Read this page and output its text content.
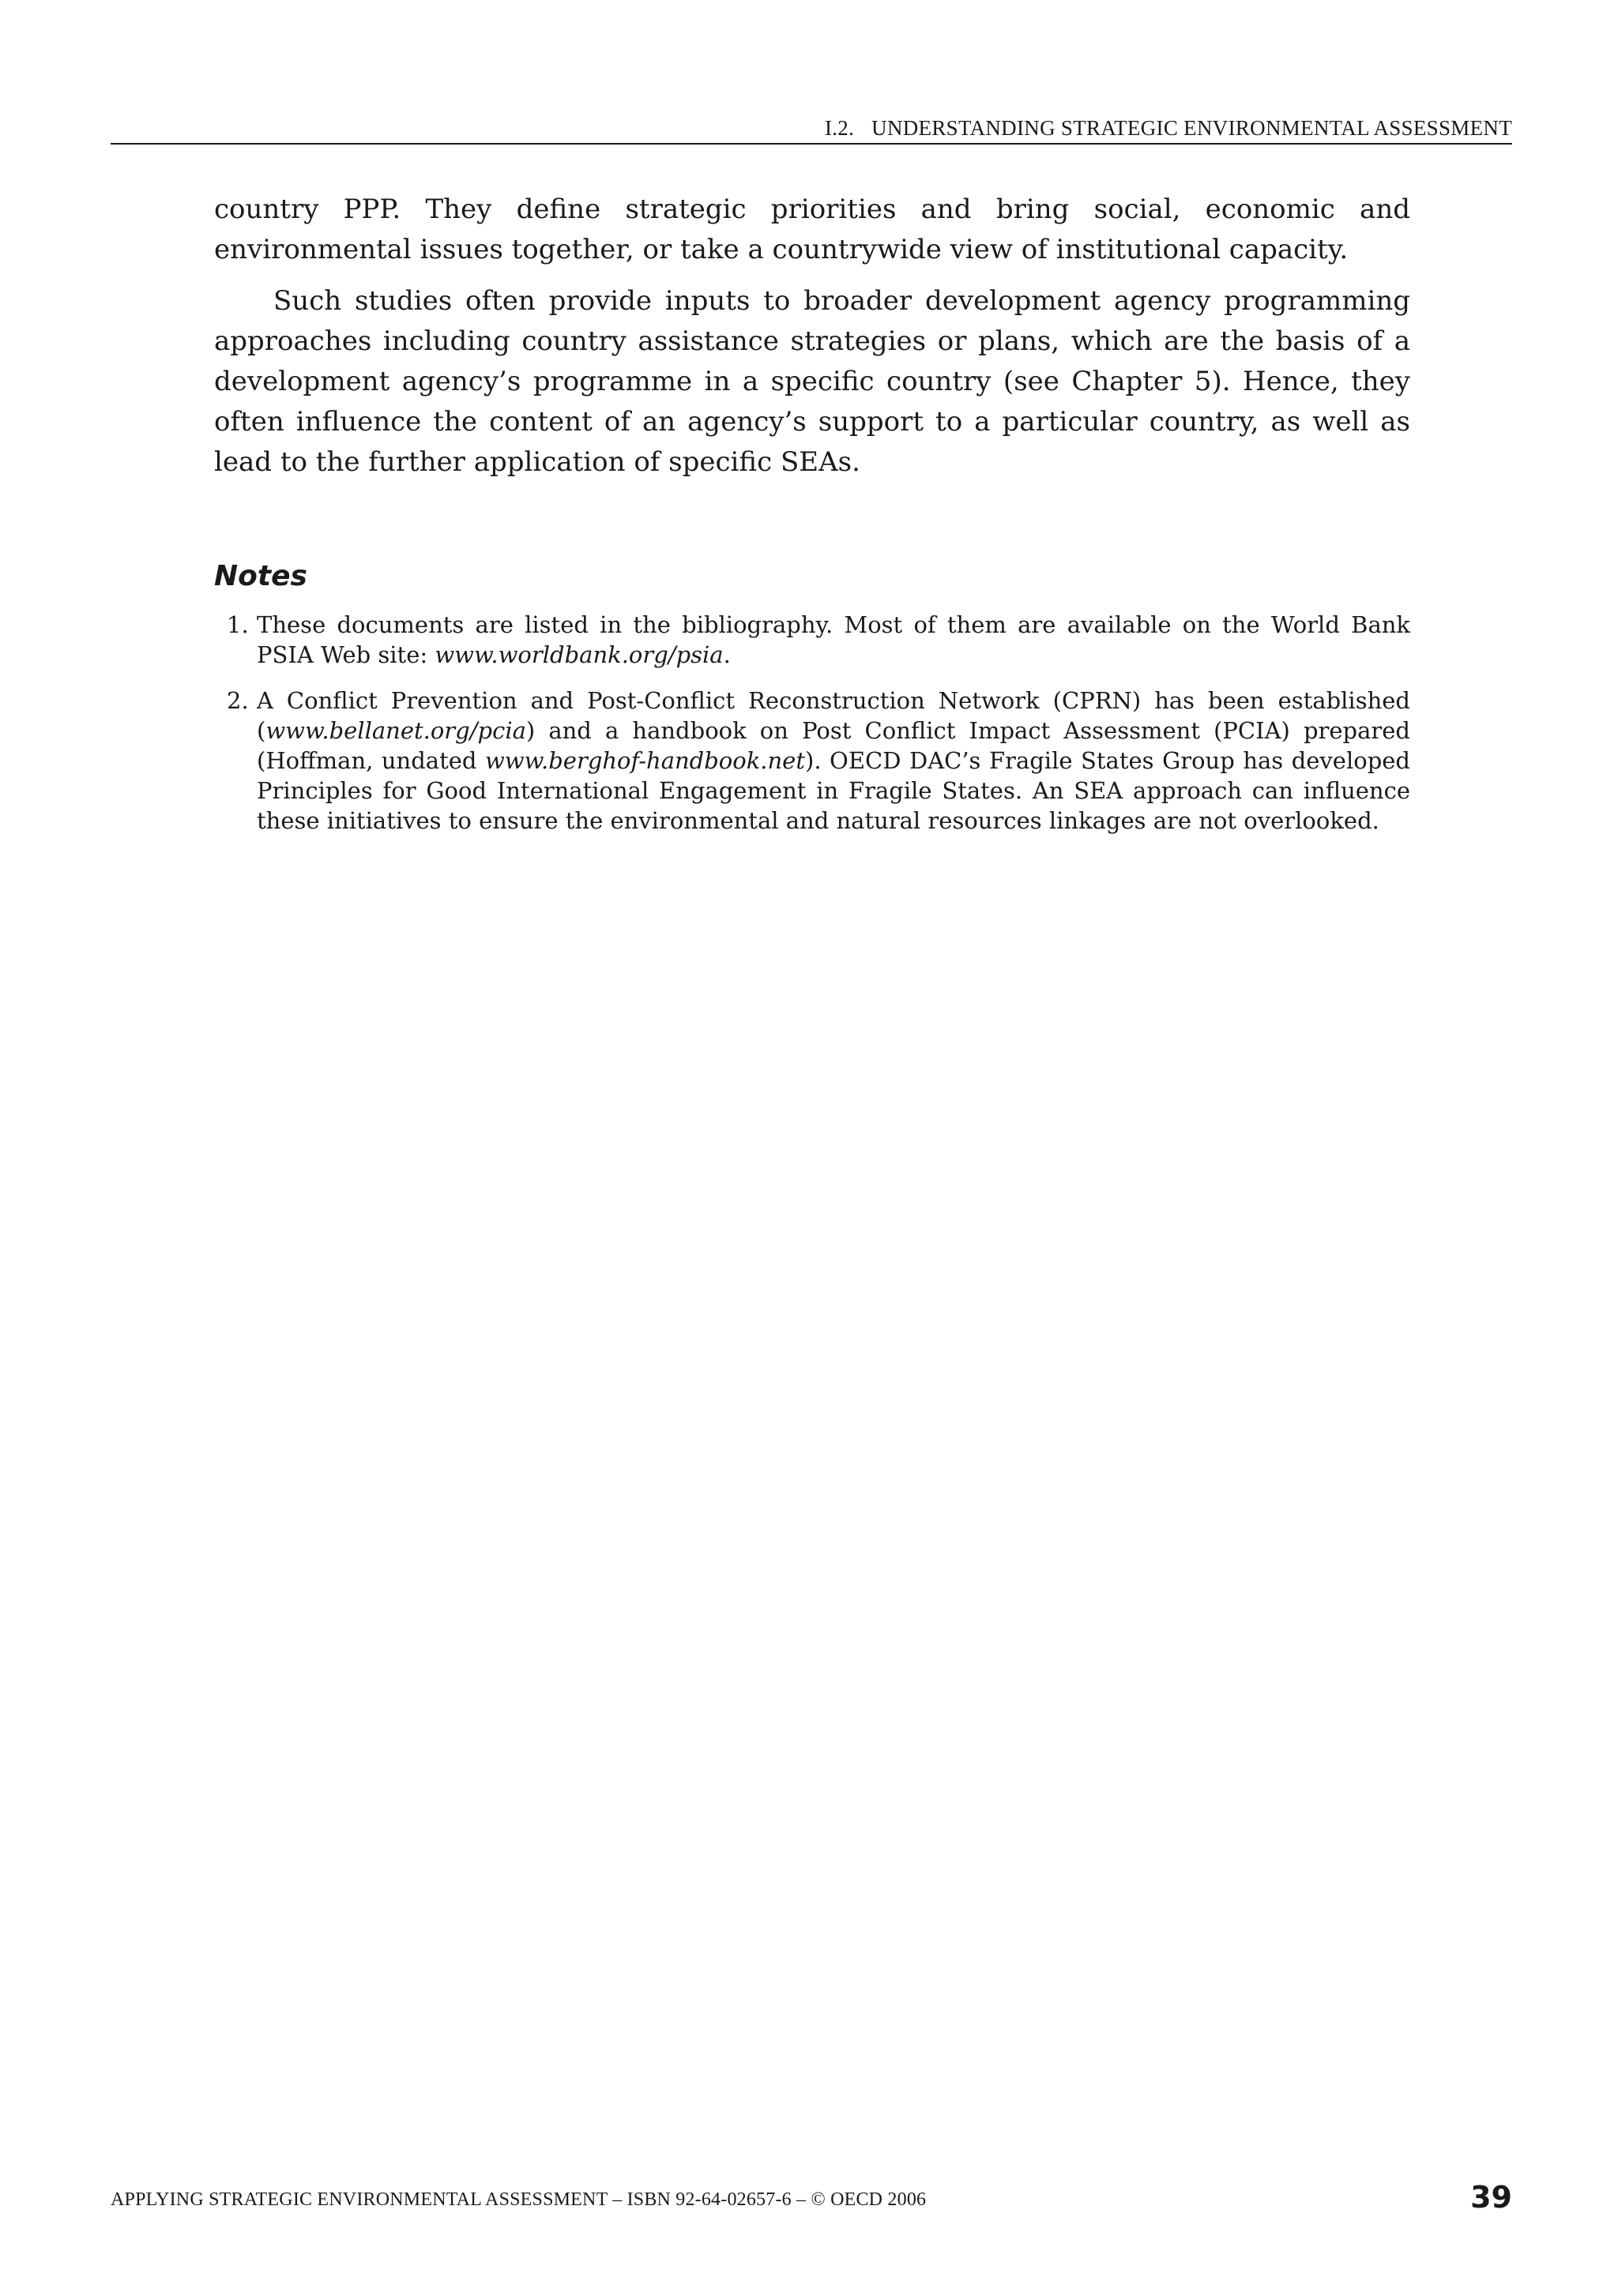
I.2. UNDERSTANDING STRATEGIC ENVIRONMENTAL ASSESSMENT

country PPP. They define strategic priorities and bring social, economic and environmental issues together, or take a countrywide view of institutional capacity.

Such studies often provide inputs to broader development agency programming approaches including country assistance strategies or plans, which are the basis of a development agency’s programme in a specific country (see Chapter 5). Hence, they often influence the content of an agency’s support to a particular country, as well as lead to the further application of specific SEAs.

Notes
1. These documents are listed in the bibliography. Most of them are available on the World Bank PSIA Web site: www.worldbank.org/psia.
2. A Conflict Prevention and Post-Conflict Reconstruction Network (CPRN) has been established (www.bellanet.org/pcia) and a handbook on Post Conflict Impact Assessment (PCIA) prepared (Hoffman, undated www.berghof-handbook.net). OECD DAC’s Fragile States Group has developed Principles for Good International Engagement in Fragile States. An SEA approach can influence these initiatives to ensure the environmental and natural resources linkages are not overlooked.
APPLYING STRATEGIC ENVIRONMENTAL ASSESSMENT – ISBN 92-64-02657-6 – © OECD 2006	39
